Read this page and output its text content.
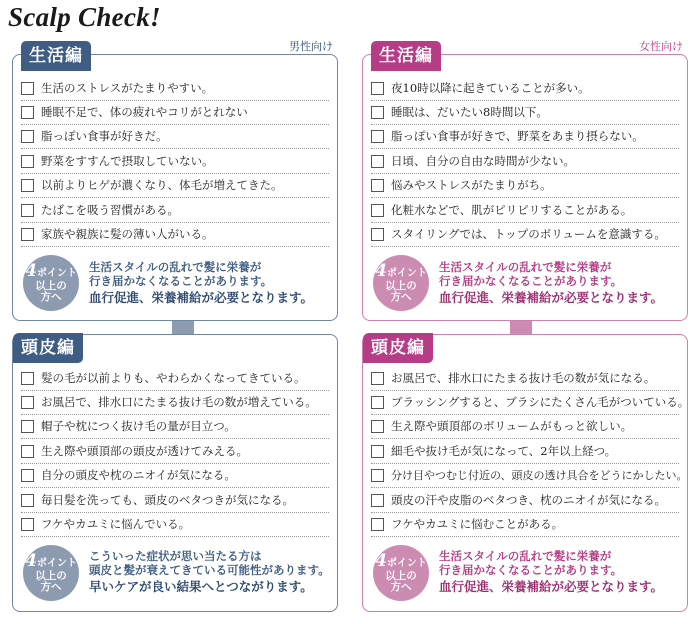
Scalp Check!
生活編	男性向け
生活のストレスがたまりやすい。
睡眠不足で、体の疲れやコリがとれない
脂っぽい食事が好きだ。
野菜をすすんで摂取していない。
以前よりヒゲが濃くなり、体毛が増えてきた。
たばこを吸う習慣がある。
家族や親族に髪の薄い人がいる。
4ポイント
以上の
方へ
生活スタイルの乱れで髪に栄養が
行き届かなくなることがあります。
血行促進、栄養補給が必要となります。
生活編	女性向け
夜10時以降に起きていることが多い。
睡眠は、だいたい8時間以下。
脂っぽい食事が好きで、野菜をあまり摂らない。
日頃、自分の自由な時間が少ない。
悩みやストレスがたまりがち。
化粧水などで、肌がピリピリすることがある。
スタイリングでは、トップのボリュームを意識する。
4ポイント
以上の
方へ
生活スタイルの乱れで髪に栄養が
行き届かなくなることがあります。
血行促進、栄養補給が必要となります。
頭皮編
髪の毛が以前よりも、やわらかくなってきている。
お風呂で、排水口にたまる抜け毛の数が増えている。
帽子や枕につく抜け毛の量が目立つ。
生え際や頭頂部の頭皮が透けてみえる。
自分の頭皮や枕のニオイが気になる。
毎日髪を洗っても、頭皮のベタつきが気になる。
フケやカユミに悩んでいる。
4ポイント
以上の
方へ
こういった症状が思い当たる方は
頭皮と髪が衰えてきている可能性があります。
早いケアが良い結果へとつながります。
頭皮編
お風呂で、排水口にたまる抜け毛の数が気になる。
ブラッシングすると、ブラシにたくさん毛がついている。
生え際や頭頂部のボリュームがもっと欲しい。
細毛や抜け毛が気になって、2年以上経つ。
分け目やつむじ付近の、頭皮の透け具合をどうにかしたい。
頭皮の汗や皮脂のベタつき、枕のニオイが気になる。
フケやカユミに悩むことがある。
4ポイント
以上の
方へ
生活スタイルの乱れで髪に栄養が
行き届かなくなることがあります。
血行促進、栄養補給が必要となります。
